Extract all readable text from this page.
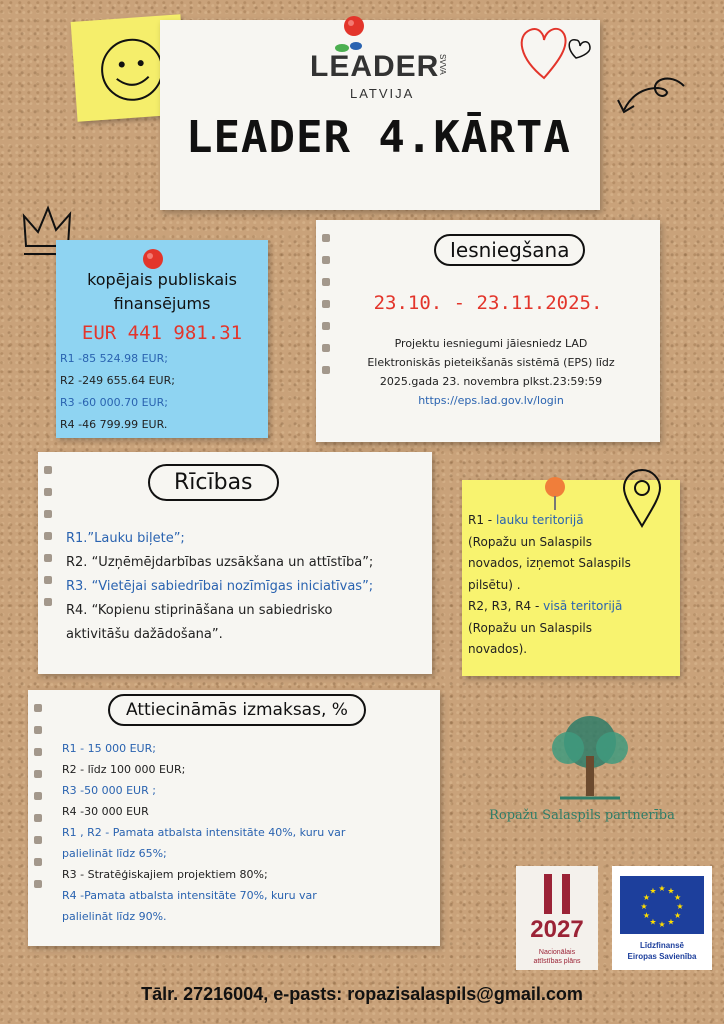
LEADER
SVVA
LATVIJA
LEADER 4.KĀRTA
kopējais publiskais
finansējums
EUR 441 981.31
R1 -85 524.98 EUR;
R2 -249 655.64 EUR;
R3 -60 000.70 EUR;
R4 -46 799.99 EUR.
Iesniegšana
23.10. - 23.11.2025.
Projektu iesniegumi jāiesniedz LAD
Elektroniskās pieteikšanās sistēmā (EPS) līdz
2025.gada 23. novembra plkst.23:59:59
https://eps.lad.gov.lv/login
Rīcības
R1.”Lauku biļete”;
R2. “Uzņēmējdarbības uzsākšana un attīstība”;
R3. “Vietējai sabiedrībai nozīmīgas iniciatīvas”;
R4. “Kopienu stiprināšana un sabiedrisko
aktivitāšu dažādošana”.
R1 - lauku teritorijā
(Ropažu un Salaspils
novados, izņemot Salaspils
pilsētu) .
R2, R3, R4 - visā teritorijā
(Ropažu un Salaspils
novados).
Attiecināmās izmaksas, %
R1 - 15 000 EUR;
R2 - līdz 100 000 EUR;
R3 -50 000 EUR ;
R4 -30 000 EUR
R1 , R2 - Pamata atbalsta intensitāte 40%, kuru var
palielināt līdz 65%;
R3 - Stratēģiskajiem projektiem 80%;
R4 -Pamata atbalsta intensitāte 70%, kuru var
palielināt līdz 90%.
Ropažu Salaspils partnerība
2027
Nacionālais
attīstības plāns
★
★
★
★
★
★
★
★
★ ★ ★
★
Līdzfinansē
Eiropas Savienība
Tālr. 27216004, e-pasts: ropazisalaspils@gmail.com
